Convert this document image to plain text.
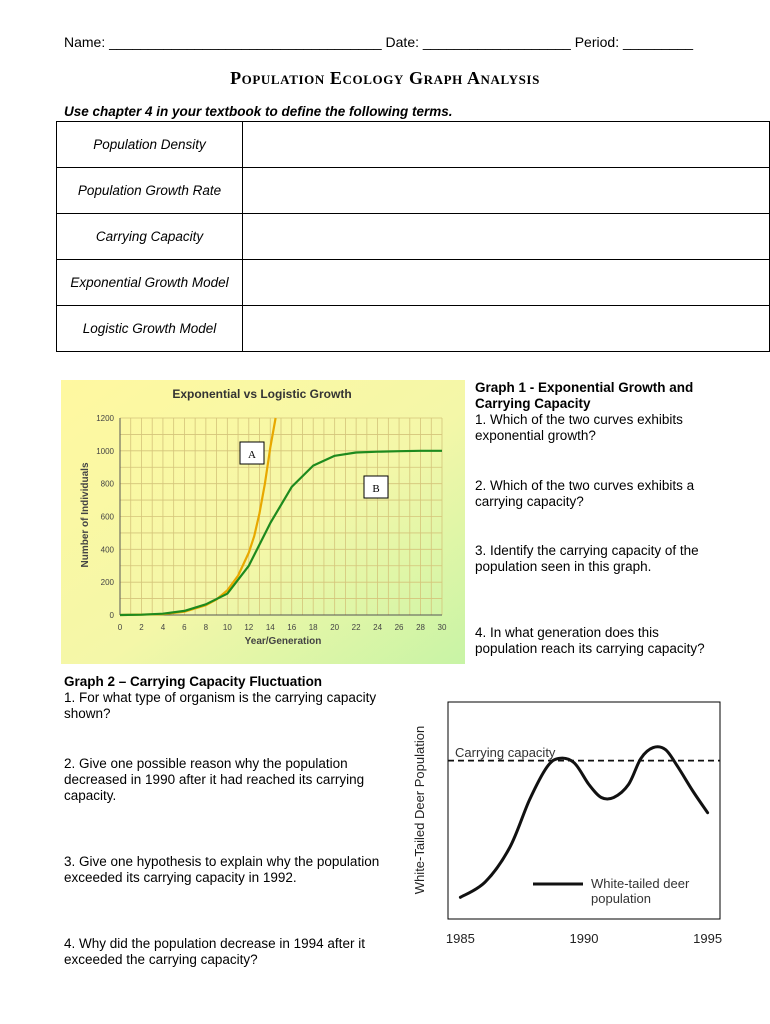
Name: ___________________________________ Date: ___________________ Period: _________
Population Ecology Graph Analysis
Use chapter 4 in your textbook to define the following terms.
Population Density	
Population Growth Rate	
Carrying Capacity	
Exponential Growth Model	
Logistic Growth Model	
0 2 4 6 8 10 12 14 16 18 20 22 24 26 28 30
0
200
400
600
800
1000
1200
Exponential vs Logistic Growth
Year/Generation
Number of Individuals
A
B
Graph 1 - Exponential Growth and
Carrying Capacity
1. Which of the two curves exhibits
exponential growth?
2. Which of the two curves exhibits a
carrying capacity?
3. Identify the carrying capacity of the
population seen in this graph.
4. In what generation does this
population reach its carrying capacity?
Graph 2 – Carrying Capacity Fluctuation
1. For what type of organism is the carrying capacity
shown?
2. Give one possible reason why the population
decreased in 1990 after it had reached its carrying
capacity.
3. Give one hypothesis to explain why the population
exceeded its carrying capacity in 1992.
4. Why did the population decrease in 1994 after it
exceeded the carrying capacity?
White-Tailed Deer Population Carrying capacity
White-tailed deer population
1985	1990	1995
